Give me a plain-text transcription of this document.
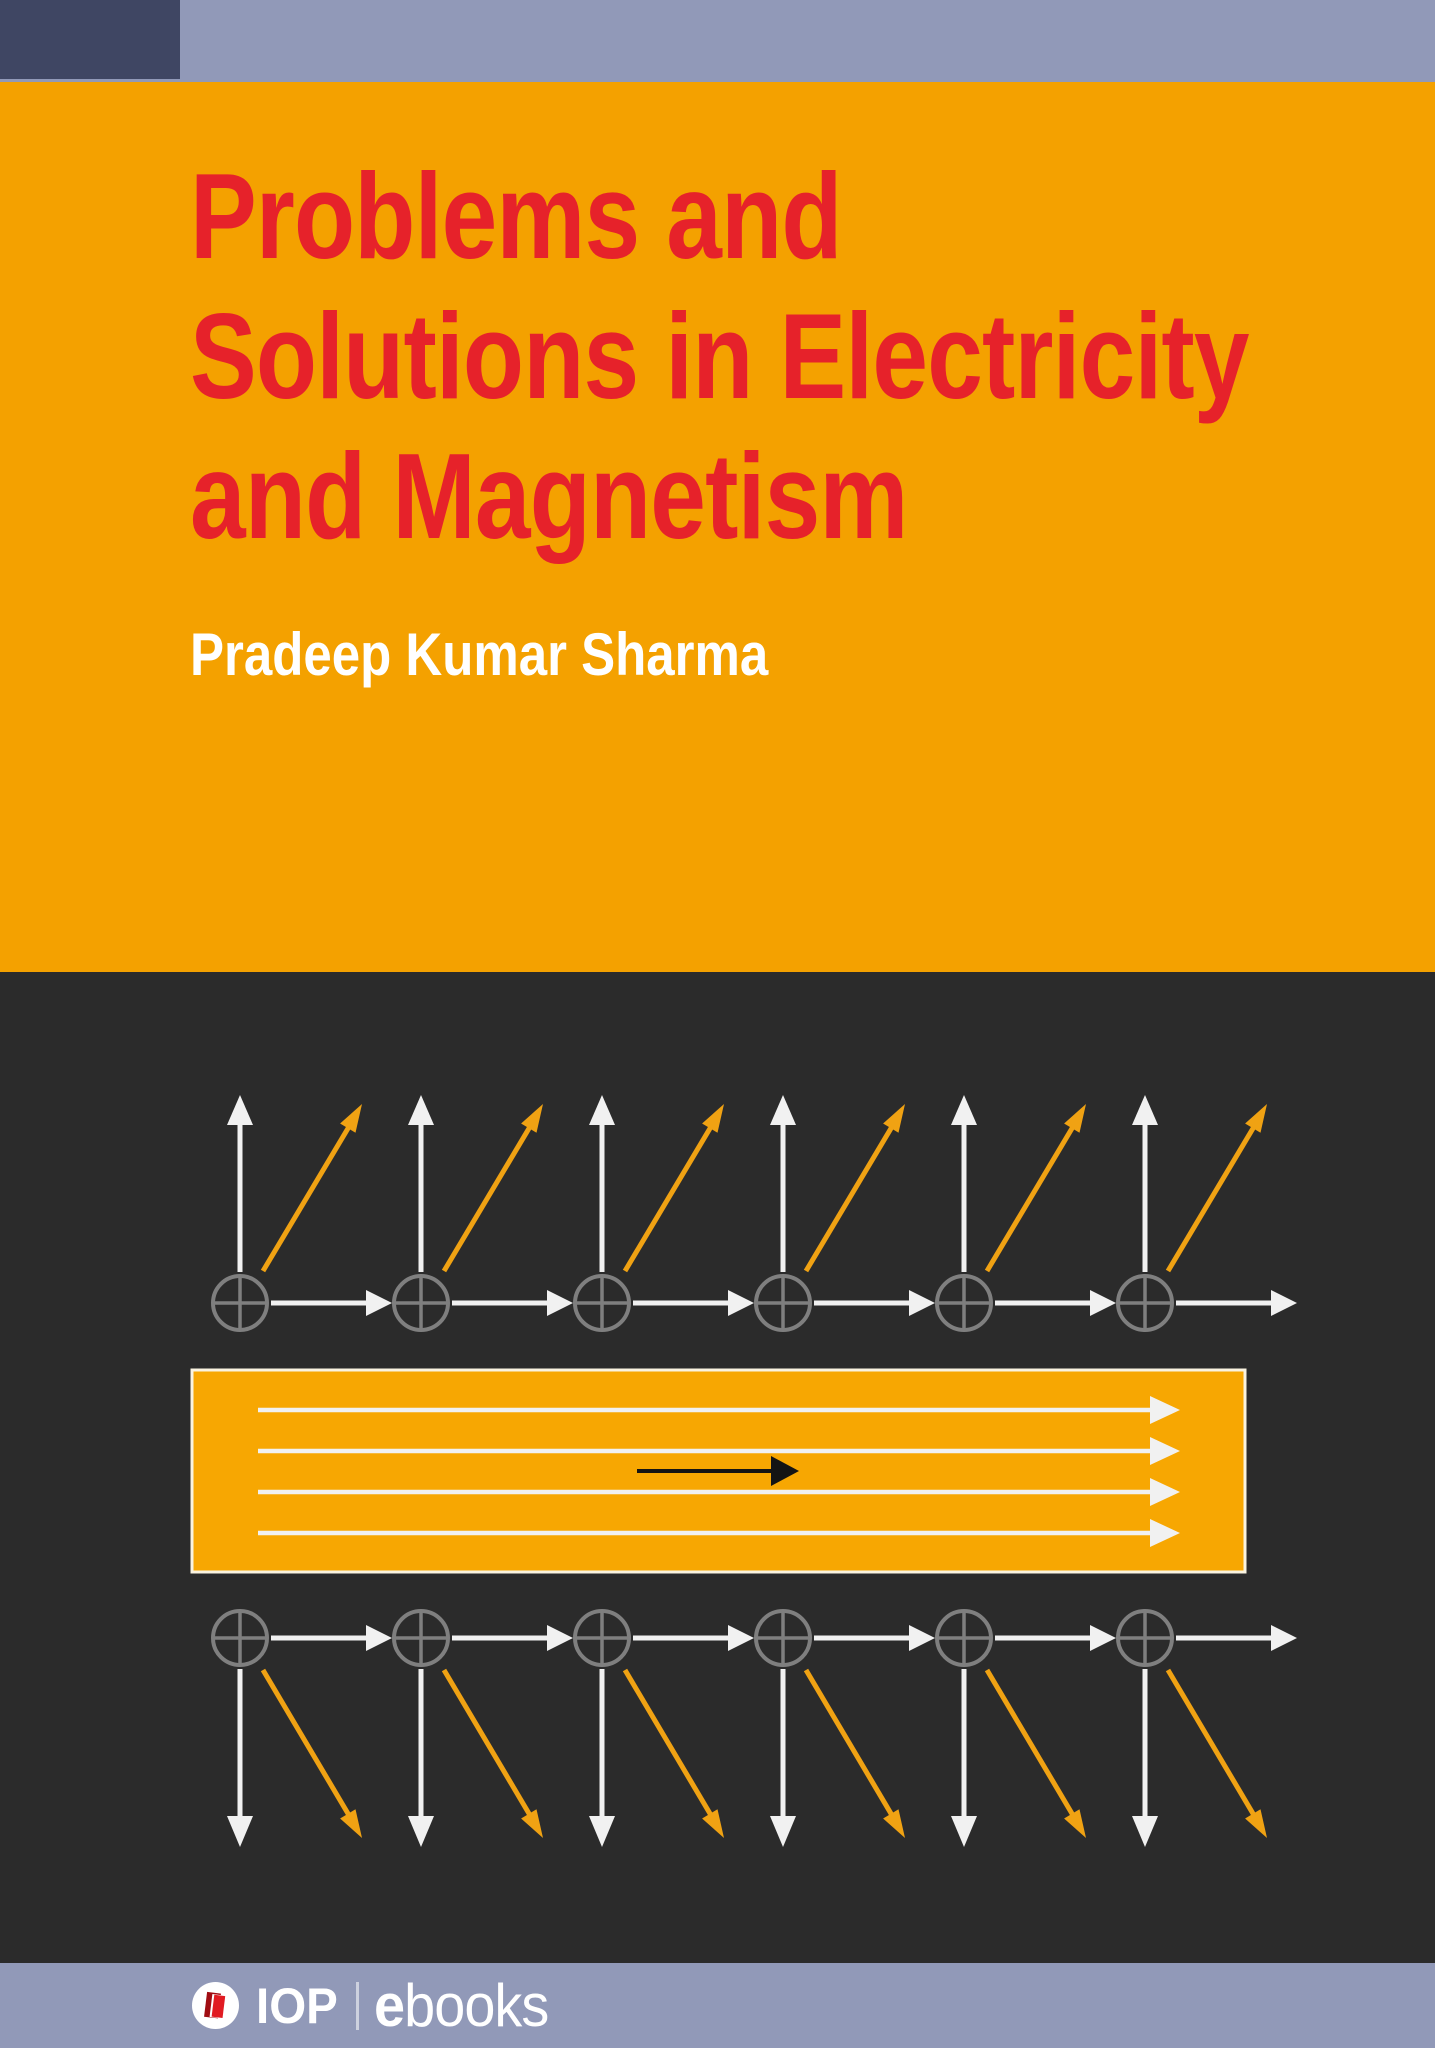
Problems and
Solutions in Electricity
and Magnetism
Pradeep Kumar Sharma
IOP ebooks
